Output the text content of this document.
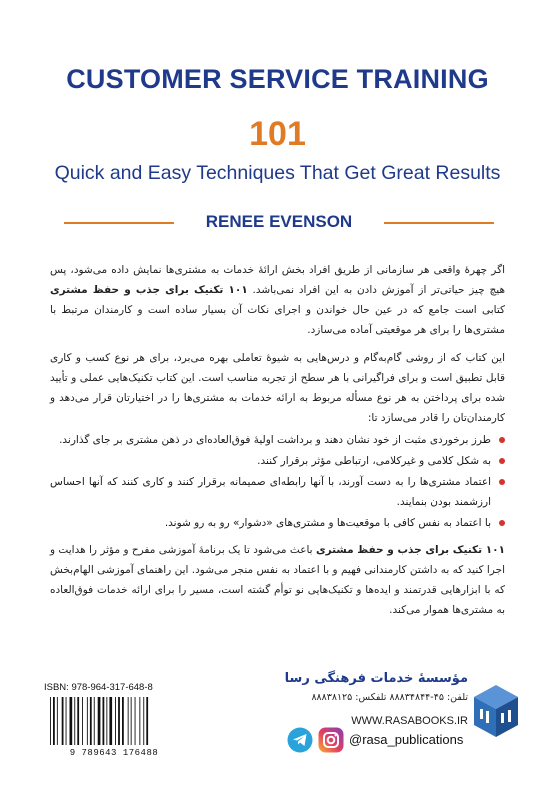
CUSTOMER SERVICE TRAINING
101
Quick and Easy Techniques That Get Great Results
RENEE EVENSON
اگر چهرهٔ واقعی هر سازمانی از طریق افراد بخش ارائهٔ خدمات به مشتری‌ها نمایش داده می‌شود، پس هیچ چیز حیاتی‌تر از آموزش دادن به این افراد نمی‌باشد. ۱۰۱ تکنیک برای جذب و حفظ مشتری کتابی است جامع که در عین حال خواندن و اجرای نکات آن بسیار ساده است و کارمندان مرتبط با مشتری‌ها را برای هر موقعیتی آماده می‌سازد.
این کتاب که از روشی گام‌به‌گام و درس‌هایی به شیوهٔ تعاملی بهره می‌برد، برای هر نوع کسب و کاری قابل تطبیق است و برای فراگیرانی با هر سطح از تجربه مناسب است. این کتاب تکنیک‌هایی عملی و تأیید شده برای پرداختن به هر نوع مسأله مربوط به ارائه خدمات به مشتری‌ها را در اختیارتان قرار می‌دهد و کارمندان‌تان را قادر می‌سازد تا:
طرز برخوردی مثبت از خود نشان دهند و برداشت اولیهٔ فوق‌العاده‌ای در ذهن مشتری بر جای گذارند.
به شکل کلامی و غیرکلامی، ارتباطی مؤثر برقرار کنند.
اعتماد مشتری‌ها را به دست آورند، با آنها رابطه‌ای صمیمانه برقرار کنند و کاری کنند که آنها احساس ارزشمند بودن بنمایند.
با اعتماد به نفس کافی با موقعیت‌ها و مشتری‌های «دشوار» رو به رو شوند.
۱۰۱ تکنیک برای جذب و حفظ مشتری باعث می‌شود تا یک برنامهٔ آموزشی مفرح و مؤثر را هدایت و اجرا کنید که به داشتن کارمندانی فهیم و با اعتماد به نفس منجر می‌شود. این راهنمای آموزشی الهام‌بخش که با ابزارهایی قدرتمند و ایده‌ها و تکنیک‌هایی نو توأم گشته است، مسیر را برای ارائه خدمات فوق‌العاده به مشتری‌ها هموار می‌کند.
ISBN: 978-964-317-648-8
9 789643 176488
مؤسسهٔ خدمات فرهنگی رسا
تلفن: ۴۵-۸۸۸۳۴۸۴۴ تلفکس: ۸۸۸۳۸۱۲۵
WWW.RASABOOKS.IR
@rasa_publications
